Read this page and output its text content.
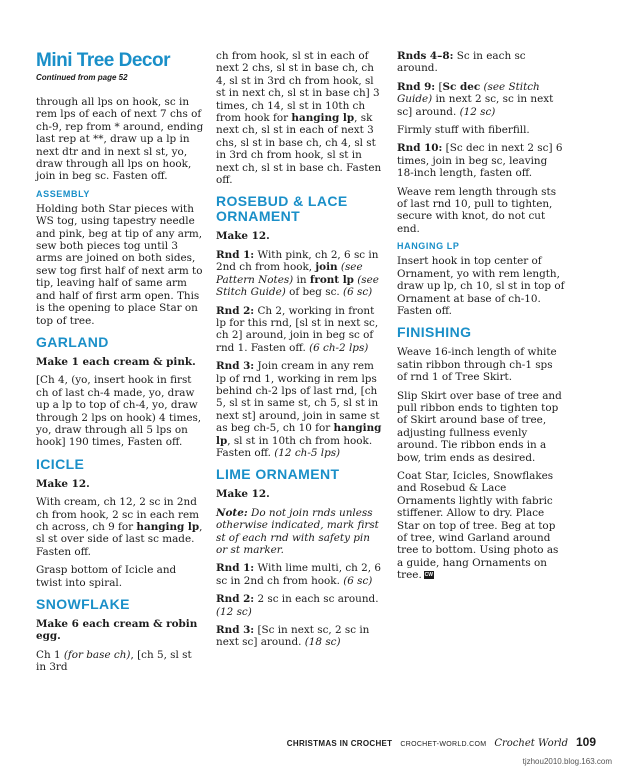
Mini Tree Decor
Continued from page 52

through all lps on hook, sc in rem lps of each of next 7 chs of ch-9, rep from * around, ending last rep at **, draw up a lp in next dtr and in next sl st, yo, draw through all lps on hook, join in beg sc. Fasten off.

ASSEMBLY

Holding both Star pieces with WS tog, using tapestry needle and pink, beg at tip of any arm, sew both pieces tog until 3 arms are joined on both sides, sew tog first half of next arm to tip, leaving half of same arm and half of first arm open. This is the opening to place Star on top of tree.

GARLAND

Make 1 each cream & pink.

[Ch 4, (yo, insert hook in first ch of last ch-4 made, yo, draw up a lp to top of ch-4, yo, draw through 2 lps on hook) 4 times, yo, draw through all 5 lps on hook] 190 times, Fasten off.

ICICLE

Make 12.

With cream, ch 12, 2 sc in 2nd ch from hook, 2 sc in each rem ch across, ch 9 for hanging lp, sl st over side of last sc made. Fasten off.

Grasp bottom of Icicle and twist into spiral.

SNOWFLAKE

Make 6 each cream & robin egg.

Ch 1 (for base ch), [ch 5, sl st in 3rd

ch from hook, sl st in each of next 2 chs, sl st in base ch, ch 4, sl st in 3rd ch from hook, sl st in next ch, sl st in base ch] 3 times, ch 14, sl st in 10th ch from hook for hanging lp, sk next ch, sl st in each of next 3 chs, sl st in base ch, ch 4, sl st in 3rd ch from hook, sl st in next ch, sl st in base ch. Fasten off.

ROSEBUD & LACE ORNAMENT

Make 12.

Rnd 1: With pink, ch 2, 6 sc in 2nd ch from hook, join (see Pattern Notes) in front lp (see Stitch Guide) of beg sc. (6 sc)

Rnd 2: Ch 2, working in front lp for this rnd, [sl st in next sc, ch 2] around, join in beg sc of rnd 1. Fasten off. (6 ch-2 lps)

Rnd 3: Join cream in any rem lp of rnd 1, working in rem lps behind ch-2 lps of last rnd, [ch 5, sl st in same st, ch 5, sl st in next st] around, join in same st as beg ch-5, ch 10 for hanging lp, sl st in 10th ch from hook. Fasten off. (12 ch-5 lps)

LIME ORNAMENT

Make 12.

Note: Do not join rnds unless otherwise indicated, mark first st of each rnd with safety pin or st marker.

Rnd 1: With lime multi, ch 2, 6 sc in 2nd ch from hook. (6 sc)

Rnd 2: 2 sc in each sc around. (12 sc)

Rnd 3: [Sc in next sc, 2 sc in next sc] around. (18 sc)

Rnds 4–8: Sc in each sc around.

Rnd 9: [Sc dec (see Stitch Guide) in next 2 sc, sc in next sc] around. (12 sc)

Firmly stuff with fiberfill.

Rnd 10: [Sc dec in next 2 sc] 6 times, join in beg sc, leaving 18-inch length, fasten off.

Weave rem length through sts of last rnd 10, pull to tighten, secure with knot, do not cut end.

HANGING LP

Insert hook in top center of Ornament, yo with rem length, draw up lp, ch 10, sl st in top of Ornament at base of ch-10. Fasten off.

FINISHING

Weave 16-inch length of white satin ribbon through ch-1 sps of rnd 1 of Tree Skirt.

Slip Skirt over base of tree and pull ribbon ends to tighten top of Skirt around base of tree, adjusting fullness evenly around. Tie ribbon ends in a bow, trim ends as desired.

Coat Star, Icicles, Snowflakes and Rosebud & Lace Ornaments lightly with fabric stiffener. Allow to dry. Place Star on top of tree. Beg at top of tree, wind Garland around tree to bottom. Using photo as a guide, hang Ornaments on tree. CW

CHRISTMAS IN CROCHET CROCHET-WORLD.COM Crochet World 109
tjzhou2010.blog.163.com
